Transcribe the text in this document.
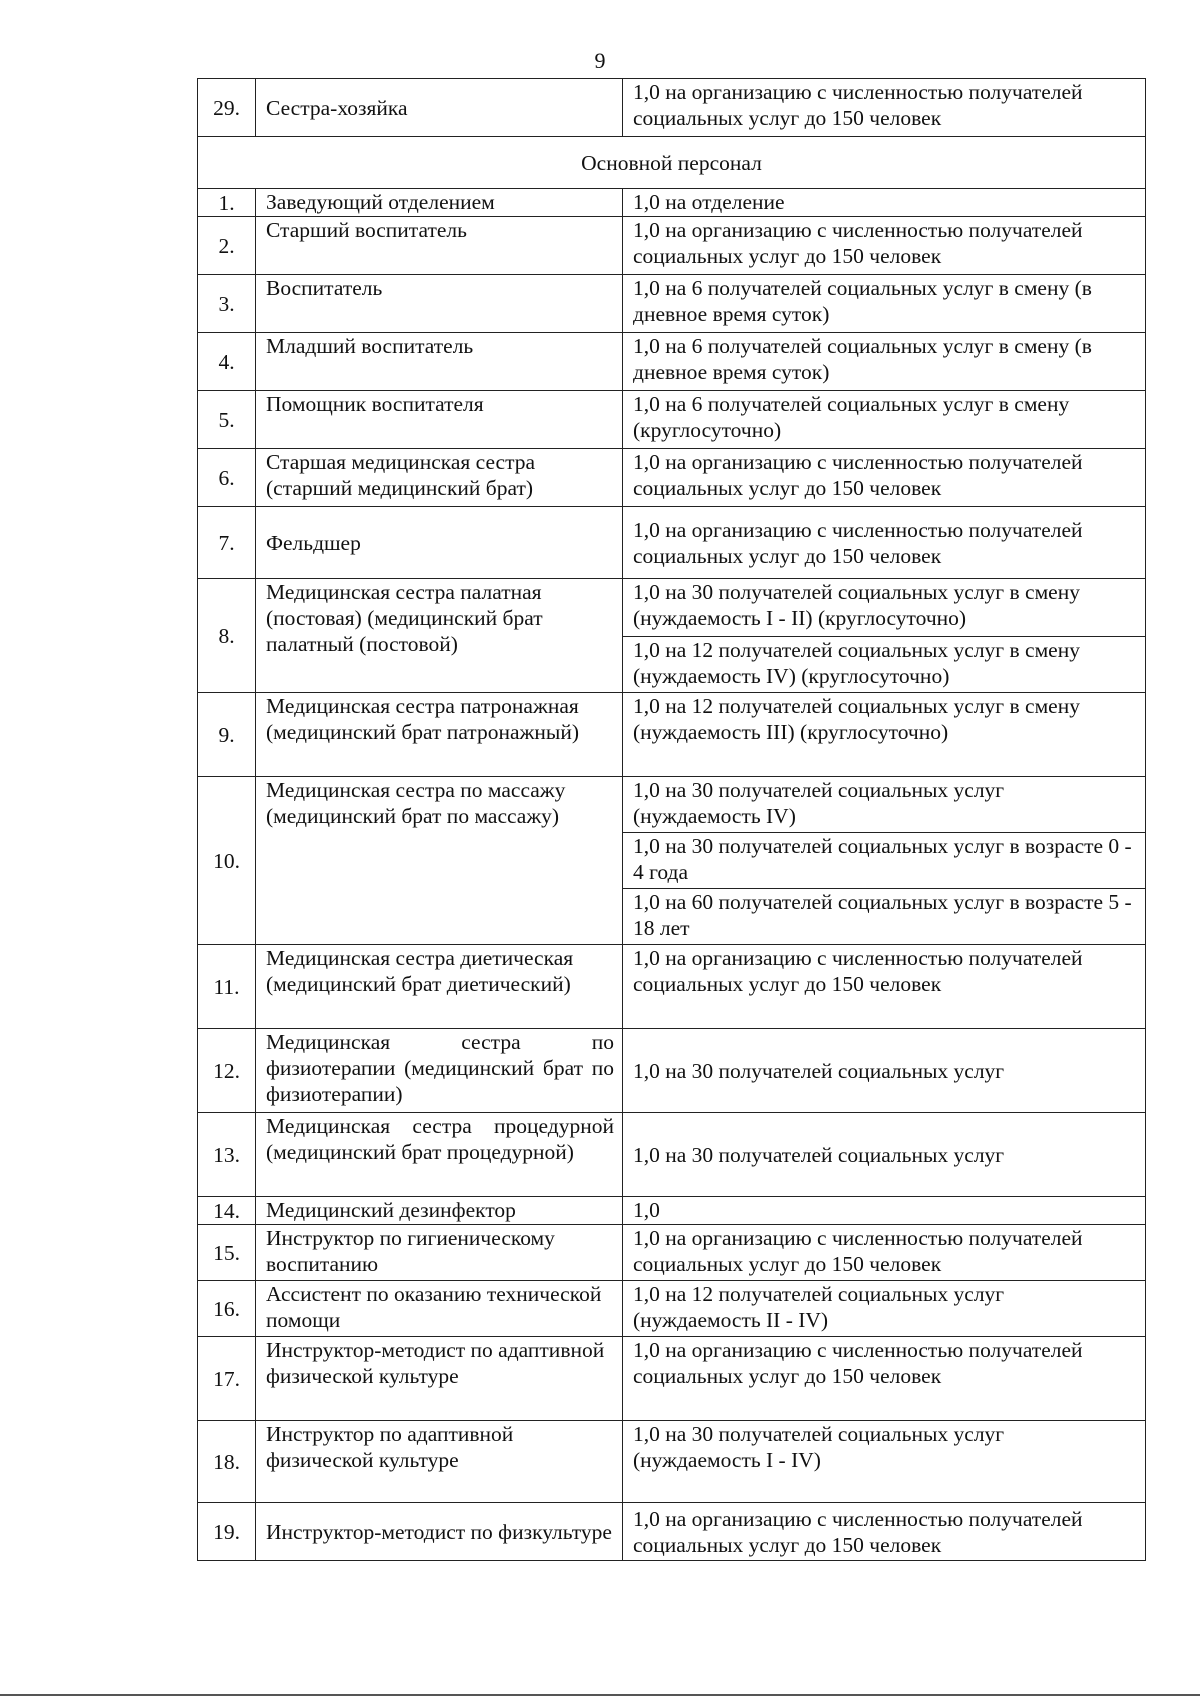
9
29.	Сестра-хозяйка	1,0 на организацию с численностью получателей социальных услуг до 150 человек
Основной персонал		
1.	Заведующий отделением	1,0 на отделение
2.	Старший воспитатель	1,0 на организацию с численностью получателей социальных услуг до 150 человек
3.	Воспитатель	1,0 на 6 получателей социальных услуг в смену (в дневное время суток)
4.	Младший воспитатель	1,0 на 6 получателей социальных услуг в смену (в дневное время суток)
5.	Помощник воспитателя	1,0 на 6 получателей социальных услуг в смену (круглосуточно)
6.	Старшая медицинская сестра (старший медицинский брат)	1,0 на организацию с численностью получателей социальных услуг до 150 человек
7.	Фельдшер	1,0 на организацию с численностью получателей социальных услуг до 150 человек
8.	Медицинская сестра палатная (постовая) (медицинский брат палатный (постовой)	1,0 на 30 получателей социальных услуг в смену (нуждаемость I - II) (круглосуточно)
		1,0 на 12 получателей социальных услуг в смену (нуждаемость IV) (круглосуточно)
9.	Медицинская сестра патронажная (медицинский брат патронажный)	1,0 на 12 получателей социальных услуг в смену (нуждаемость III) (круглосуточно)
10.	Медицинская сестра по массажу (медицинский брат по массажу)	1,0 на 30 получателей социальных услуг (нуждаемость IV)
		1,0 на 30 получателей социальных услуг в возрасте 0 - 4 года
		1,0 на 60 получателей социальных услуг в возрасте 5 - 18 лет
11.	Медицинская сестра диетическая (медицинский брат диетический)	1,0 на организацию с численностью получателей социальных услуг до 150 человек
12.	Медицинская сестра по физиотерапии (медицинский брат по физиотерапии)	1,0 на 30 получателей социальных услуг
13.	Медицинская сестра процедурной (медицинский брат процедурной)	1,0 на 30 получателей социальных услуг
14.	Медицинский дезинфектор	1,0
15.	Инструктор по гигиеническому воспитанию	1,0 на организацию с численностью получателей социальных услуг до 150 человек
16.	Ассистент по оказанию технической помощи	1,0 на 12 получателей социальных услуг (нуждаемость II - IV)
17.	Инструктор-методист по адаптивной физической культуре	1,0 на организацию с численностью получателей социальных услуг до 150 человек
18.	Инструктор по адаптивной физической культуре	1,0 на 30 получателей социальных услуг (нуждаемость I - IV)
19.	Инструктор-методист по физкультуре	1,0 на организацию с численностью получателей социальных услуг до 150 человек
